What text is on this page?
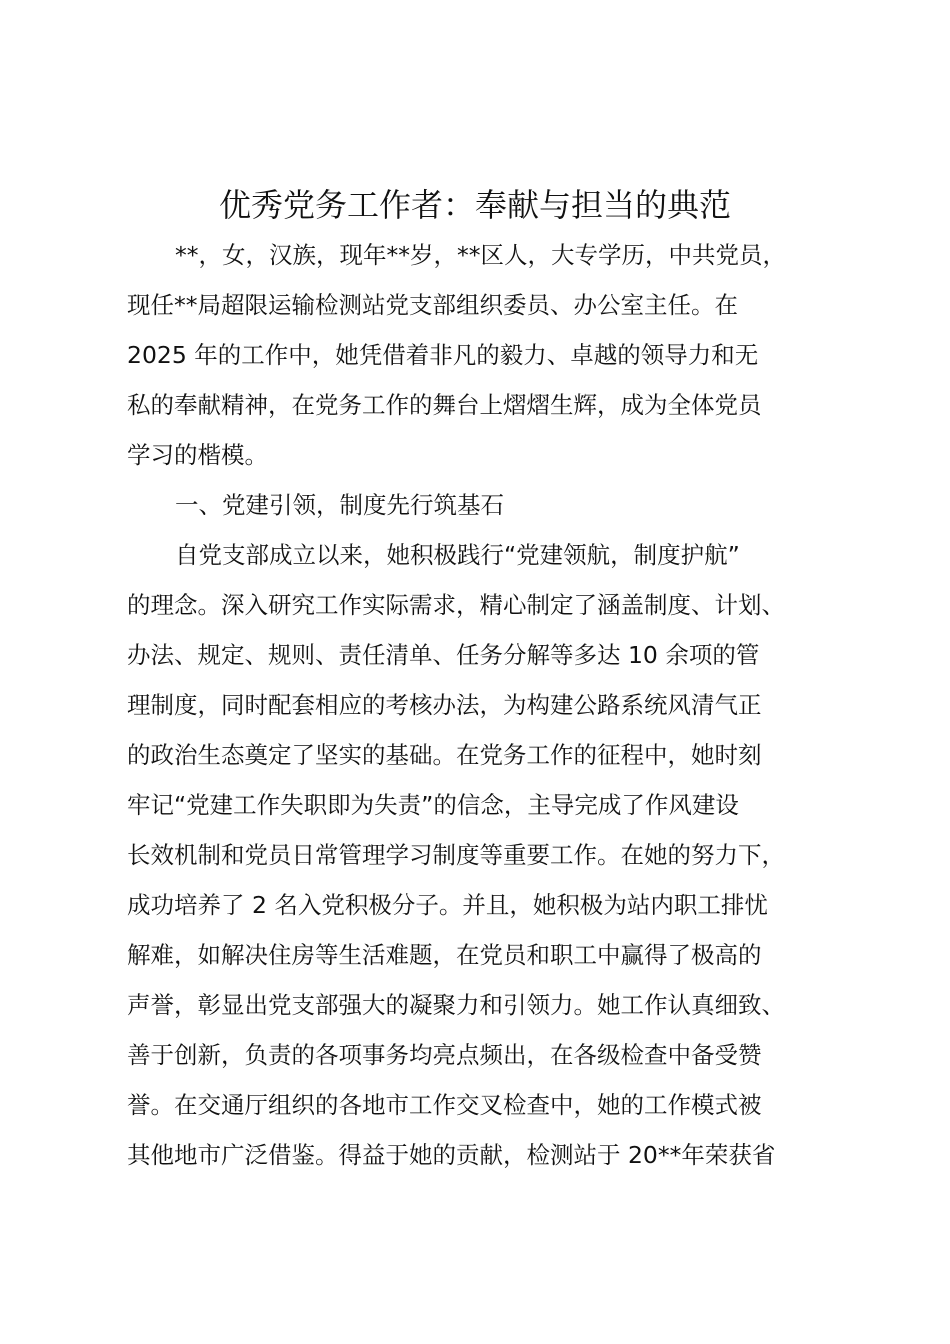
优秀党务工作者：奉献与担当的典范
**，女，汉族，现年**岁，**区人，大专学历，中共党员，
现任**局超限运输检测站党支部组织委员、办公室主任。在
2025 年的工作中，她凭借着非凡的毅力、卓越的领导力和无
私的奉献精神，在党务工作的舞台上熠熠生辉，成为全体党员
学习的楷模。
一、党建引领，制度先行筑基石
自党支部成立以来，她积极践行“党建领航，制度护航”
的理念。深入研究工作实际需求，精心制定了涵盖制度、计划、
办法、规定、规则、责任清单、任务分解等多达 10 余项的管
理制度，同时配套相应的考核办法，为构建公路系统风清气正
的政治生态奠定了坚实的基础。在党务工作的征程中，她时刻
牢记“党建工作失职即为失责”的信念，主导完成了作风建设
长效机制和党员日常管理学习制度等重要工作。在她的努力下，
成功培养了 2 名入党积极分子。并且，她积极为站内职工排忧
解难，如解决住房等生活难题，在党员和职工中赢得了极高的
声誉，彰显出党支部强大的凝聚力和引领力。她工作认真细致、
善于创新，负责的各项事务均亮点频出，在各级检查中备受赞
誉。在交通厅组织的各地市工作交叉检查中，她的工作模式被
其他地市广泛借鉴。得益于她的贡献，检测站于 20**年荣获省
